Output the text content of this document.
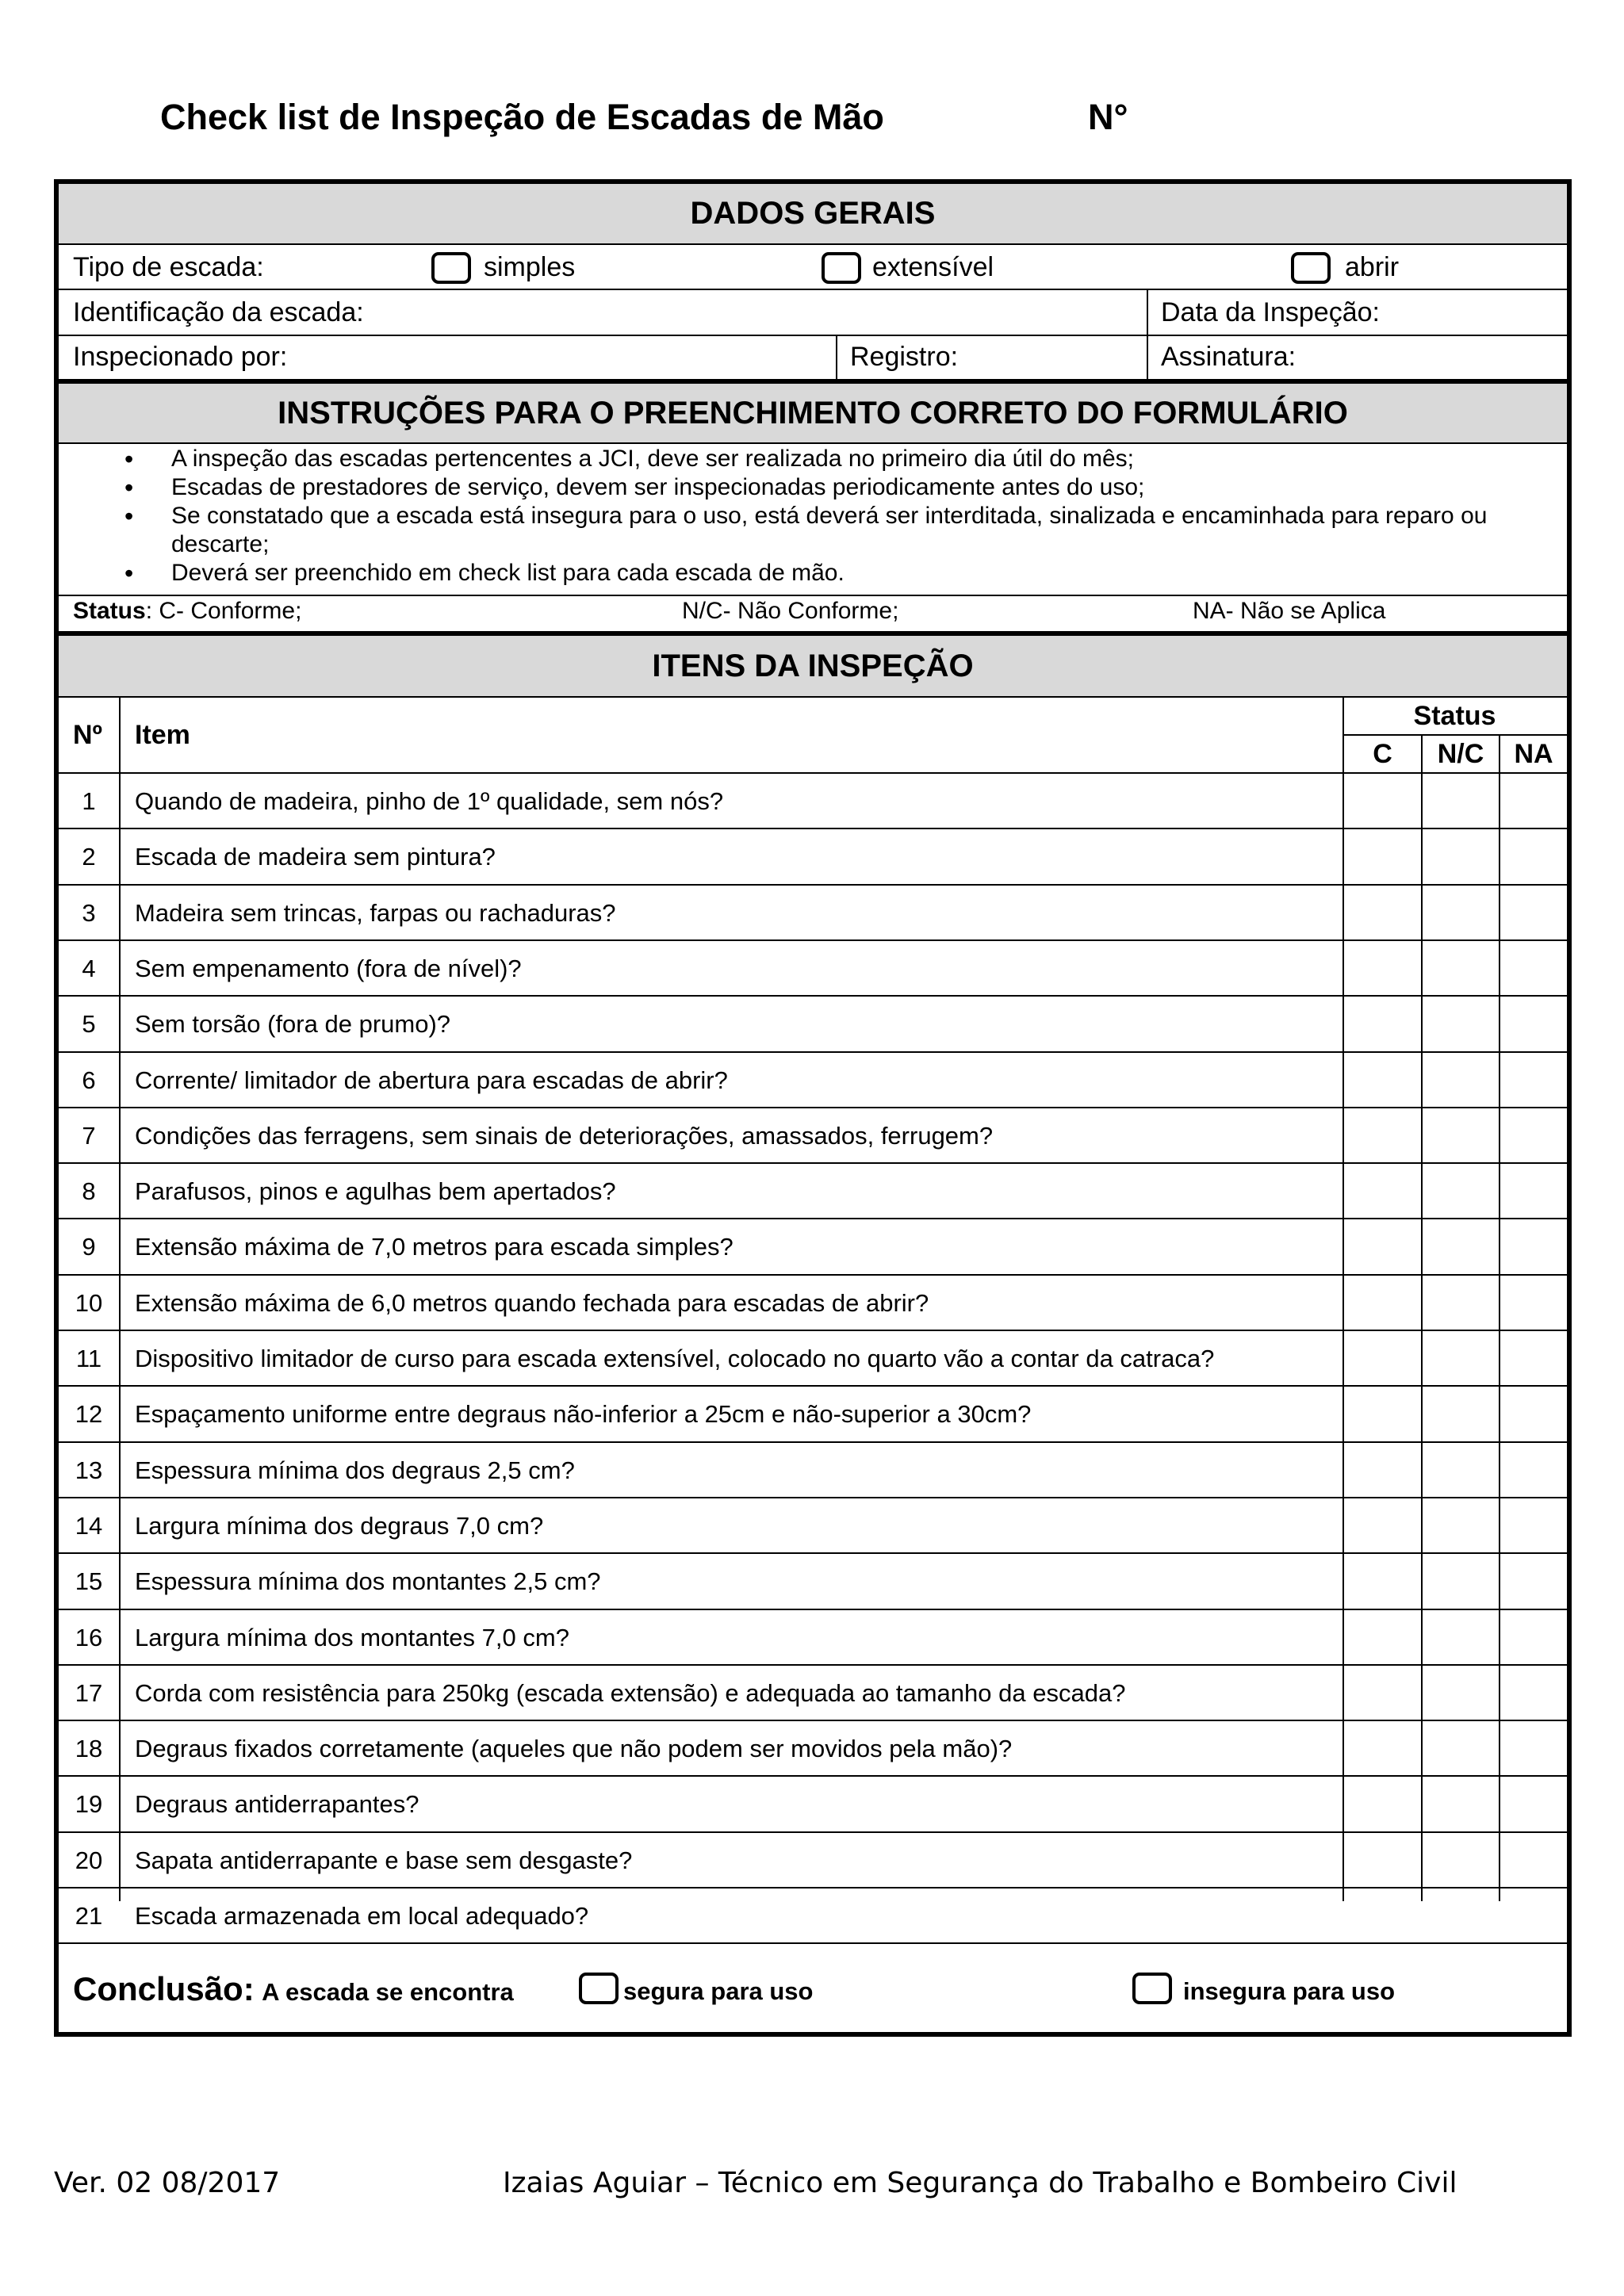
Check list de Inspeção de Escadas de Mão	N°
DADOS GERAIS
Tipo de escada:	simples	extensível	abrir
Identificação da escada:	Data da Inspeção:
Inspecionado por:	Registro:	Assinatura:
INSTRUÇÕES PARA O PREENCHIMENTO CORRETO DO FORMULÁRIO
• A inspeção das escadas pertencentes a JCI, deve ser realizada no primeiro dia útil do mês;
• Escadas de prestadores de serviço, devem ser inspecionadas periodicamente antes do uso;
• Se constatado que a escada está insegura para o uso, está deverá ser interditada, sinalizada e encaminhada para reparo ou descarte;
• Deverá ser preenchido em check list para cada escada de mão.
Status: C- Conforme;	N/C- Não Conforme;	NA- Não se Aplica
ITENS DA INSPEÇÃO
Nº Item
Status
C	N/C	NA
1	Quando de madeira, pinho de 1º qualidade, sem nós?
2	Escada de madeira sem pintura?
3	Madeira sem trincas, farpas ou rachaduras?
4	Sem empenamento (fora de nível)?
5	Sem torsão (fora de prumo)?
6	Corrente/ limitador de abertura para escadas de abrir?
7	Condições das ferragens, sem sinais de deteriorações, amassados, ferrugem?
8	Parafusos, pinos e agulhas bem apertados?
9	Extensão máxima de 7,0 metros para escada simples?
10	Extensão máxima de 6,0 metros quando fechada para escadas de abrir?
11	Dispositivo limitador de curso para escada extensível, colocado no quarto vão a contar da catraca?
12	Espaçamento uniforme entre degraus não-inferior a 25cm e não-superior a 30cm?
13	Espessura mínima dos degraus 2,5 cm?
14	Largura mínima dos degraus 7,0 cm?
15	Espessura mínima dos montantes 2,5 cm?
16	Largura mínima dos montantes 7,0 cm?
17	Corda com resistência para 250kg (escada extensão) e adequada ao tamanho da escada?
18	Degraus fixados corretamente (aqueles que não podem ser movidos pela mão)?
19	Degraus antiderrapantes?
20	Sapata antiderrapante e base sem desgaste?
21	Escada armazenada em local adequado?
Conclusão: A escada se encontra	segura para uso	insegura para uso
Ver. 02 08/2017	Izaias Aguiar – Técnico em Segurança do Trabalho e Bombeiro Civil
